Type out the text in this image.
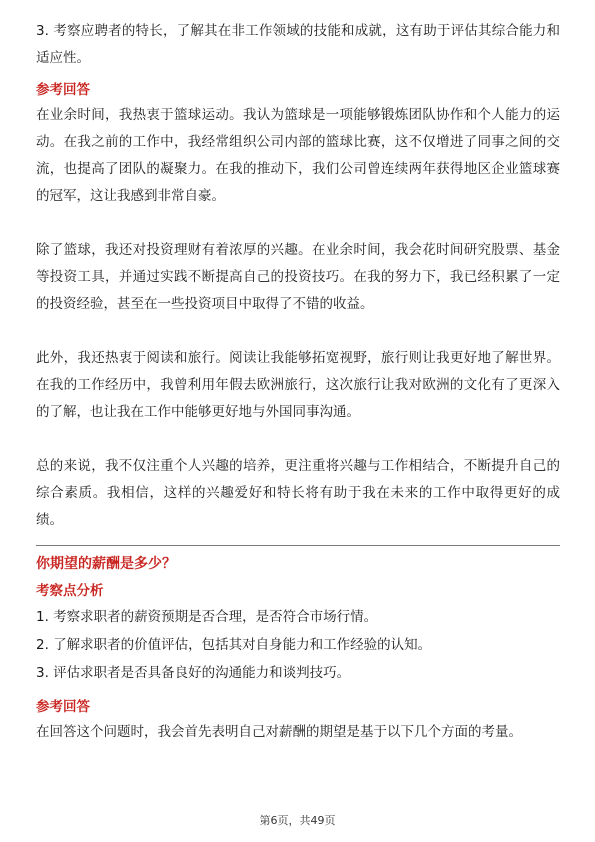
3. 考察应聘者的特长，了解其在非工作领域的技能和成就，这有助于评估其综合能力和适应性。

参考回答

在业余时间，我热衷于篮球运动。我认为篮球是一项能够锻炼团队协作和个人能力的运动。在我之前的工作中，我经常组织公司内部的篮球比赛，这不仅增进了同事之间的交流，也提高了团队的凝聚力。在我的推动下，我们公司曾连续两年获得地区企业篮球赛的冠军，这让我感到非常自豪。

除了篮球，我还对投资理财有着浓厚的兴趣。在业余时间，我会花时间研究股票、基金等投资工具，并通过实践不断提高自己的投资技巧。在我的努力下，我已经积累了一定的投资经验，甚至在一些投资项目中取得了不错的收益。

此外，我还热衷于阅读和旅行。阅读让我能够拓宽视野，旅行则让我更好地了解世界。在我的工作经历中，我曾利用年假去欧洲旅行，这次旅行让我对欧洲的文化有了更深入的了解，也让我在工作中能够更好地与外国同事沟通。

总的来说，我不仅注重个人兴趣的培养，更注重将兴趣与工作相结合，不断提升自己的综合素质。我相信，这样的兴趣爱好和特长将有助于我在未来的工作中取得更好的成绩。

你期望的薪酬是多少？

考察点分析

1. 考察求职者的薪资预期是否合理，是否符合市场行情。

2. 了解求职者的价值评估，包括其对自身能力和工作经验的认知。

3. 评估求职者是否具备良好的沟通能力和谈判技巧。

参考回答

在回答这个问题时，我会首先表明自己对薪酬的期望是基于以下几个方面的考量。

第6页，共49页
